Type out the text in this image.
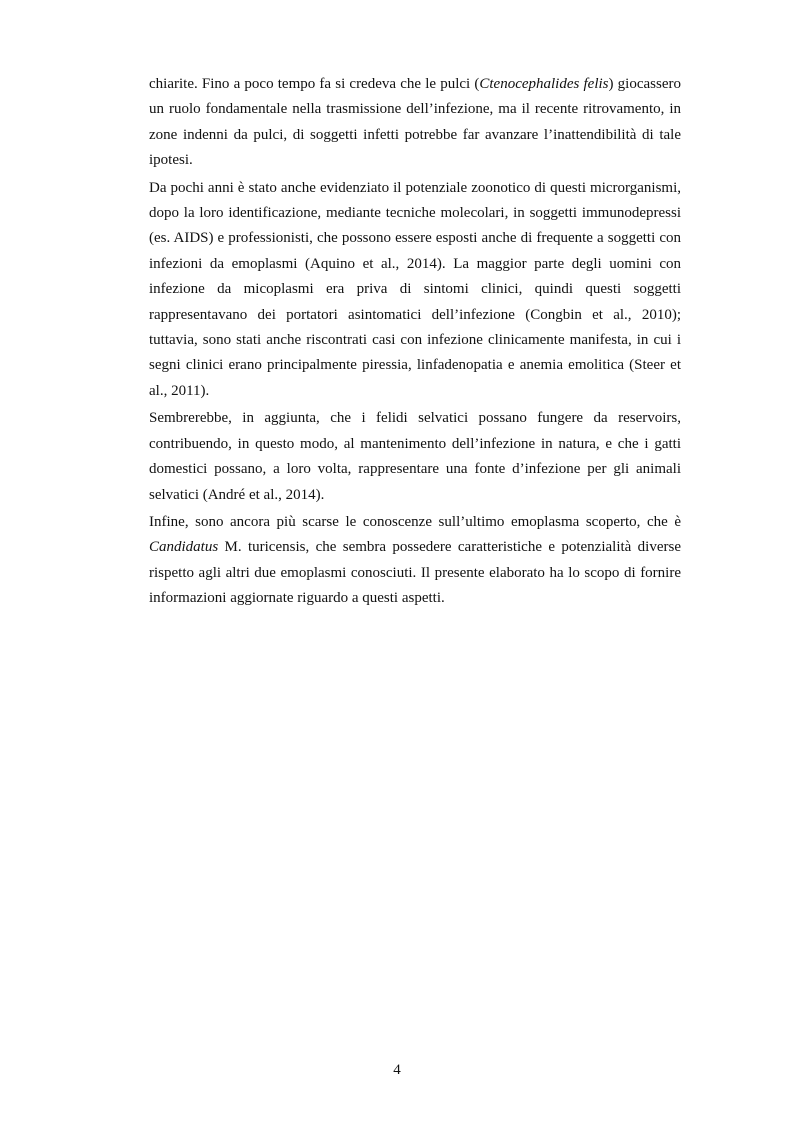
chiarite. Fino a poco tempo fa si credeva che le pulci (Ctenocephalides felis) giocassero un ruolo fondamentale nella trasmissione dell’infezione, ma il recente ritrovamento, in zone indenni da pulci, di soggetti infetti potrebbe far avanzare l’inattendibilità di tale ipotesi.

Da pochi anni è stato anche evidenziato il potenziale zoonotico di questi microrganismi, dopo la loro identificazione, mediante tecniche molecolari, in soggetti immunodepressi (es. AIDS) e professionisti, che possono essere esposti anche di frequente a soggetti con infezioni da emoplasmi (Aquino et al., 2014). La maggior parte degli uomini con infezione da micoplasmi era priva di sintomi clinici, quindi questi soggetti rappresentavano dei portatori asintomatici dell’infezione (Congbin et al., 2010); tuttavia, sono stati anche riscontrati casi con infezione clinicamente manifesta, in cui i segni clinici erano principalmente piressia, linfadenopatia e anemia emolitica (Steer et al., 2011).

Sembrerebbe, in aggiunta, che i felidi selvatici possano fungere da reservoirs, contribuendo, in questo modo, al mantenimento dell’infezione in natura, e che i gatti domestici possano, a loro volta, rappresentare una fonte d’infezione per gli animali selvatici (André et al., 2014).

Infine, sono ancora più scarse le conoscenze sull’ultimo emoplasma scoperto, che è Candidatus M. turicensis, che sembra possedere caratteristiche e potenzialità diverse rispetto agli altri due emoplasmi conosciuti. Il presente elaborato ha lo scopo di fornire informazioni aggiornate riguardo a questi aspetti.

4
